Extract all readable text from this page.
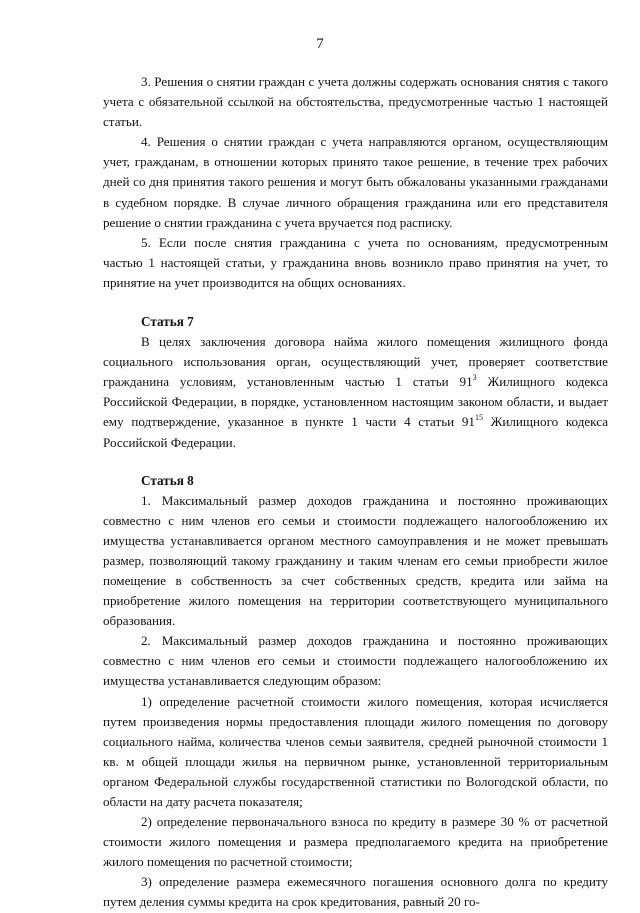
7

3. Решения о снятии граждан с учета должны содержать основания снятия с такого учета с обязательной ссылкой на обстоятельства, предусмотренные частью 1 настоящей статьи.

4. Решения о снятии граждан с учета направляются органом, осуществляющим учет, гражданам, в отношении которых принято такое решение, в течение трех рабочих дней со дня принятия такого решения и могут быть обжалованы указанными гражданами в судебном порядке. В случае личного обращения гражданина или его представителя решение о снятии гражданина с учета вручается под расписку.

5. Если после снятия гражданина с учета по основаниям, предусмотренным частью 1 настоящей статьи, у гражданина вновь возникло право принятия на учет, то принятие на учет производится на общих основаниях.

Статья 7

В целях заключения договора найма жилого помещения жилищного фонда социального использования орган, осуществляющий учет, проверяет соответствие гражданина условиям, установленным частью 1 статьи $91^3$ Жилищного кодекса Российской Федерации, в порядке, установленном настоящим законом области, и выдает ему подтверждение, указанное в пункте 1 части 4 статьи $91^{15}$ Жилищного кодекса Российской Федерации.

Статья 8

1. Максимальный размер доходов гражданина и постоянно проживающих совместно с ним членов его семьи и стоимости подлежащего налогообложению их имущества устанавливается органом местного самоуправления и не может превышать размер, позволяющий такому гражданину и таким членам его семьи приобрести жилое помещение в собственность за счет собственных средств, кредита или займа на приобретение жилого помещения на территории соответствующего муниципального образования.

2. Максимальный размер доходов гражданина и постоянно проживающих совместно с ним членов его семьи и стоимости подлежащего налогообложению их имущества устанавливается следующим образом:

1) определение расчетной стоимости жилого помещения, которая исчисляется путем произведения нормы предоставления площади жилого помещения по договору социального найма, количества членов семьи заявителя, средней рыночной стоимости 1 кв. м общей площади жилья на первичном рынке, установленной территориальным органом Федеральной службы государственной статистики по Вологодской области, по области на дату расчета показателя;

2) определение первоначального взноса по кредиту в размере 30 % от расчетной стоимости жилого помещения и размера предполагаемого кредита на приобретение жилого помещения по расчетной стоимости;

3) определение размера ежемесячного погашения основного долга по кредиту путем деления суммы кредита на срок кредитования, равный 20 го-
